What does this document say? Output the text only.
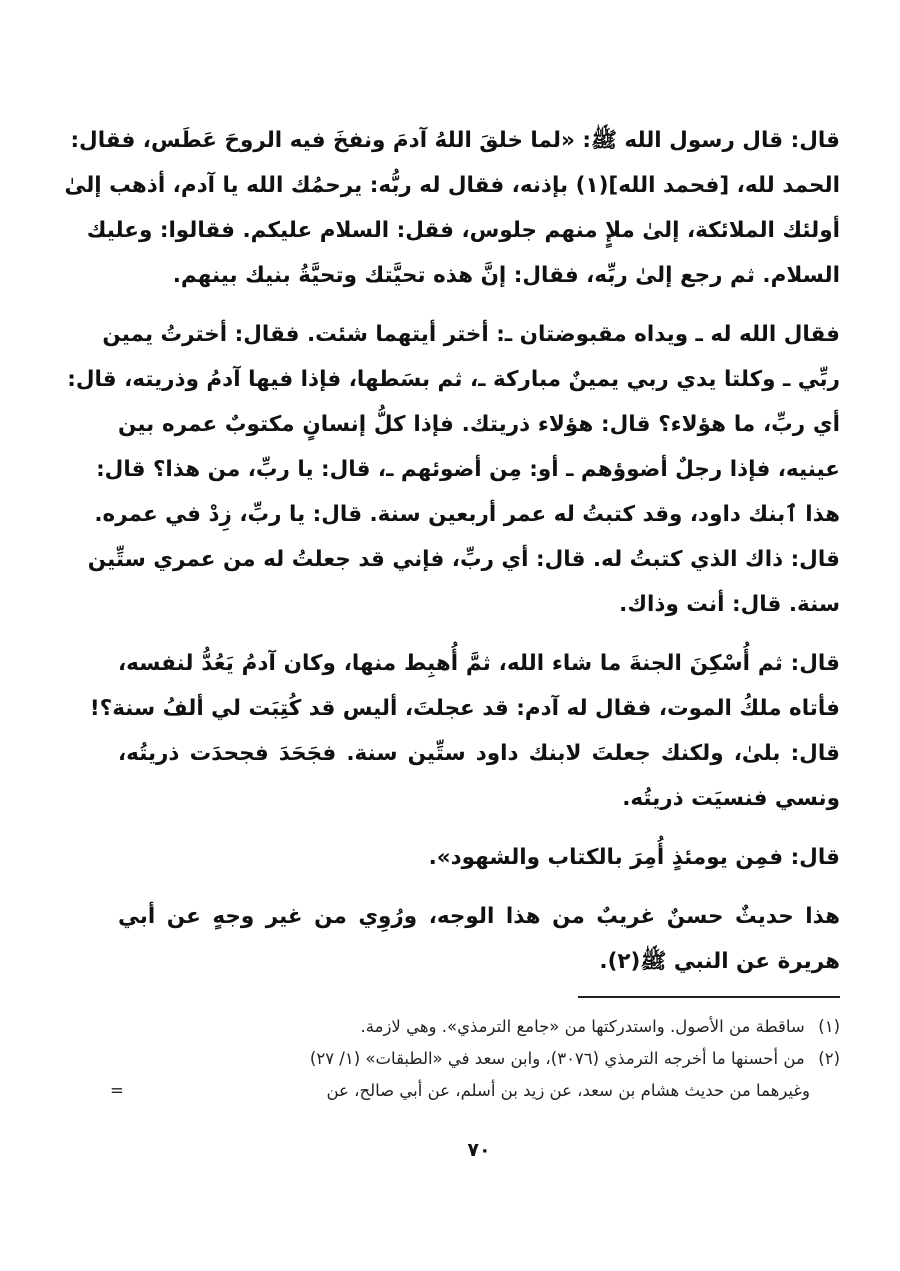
قال: قال رسول الله ﷺ: «لما خلقَ اللهُ آدمَ ونفخَ فيه الروحَ عَطَس، فقال:
الحمد لله، [فحمد الله](١) بإذنه، فقال له ربُّه: يرحمُك الله يا آدم، أذهب إلىٰ
أولئك الملائكة، إلىٰ ملإٍ منهم جلوس، فقل: السلام عليكم. فقالوا: وعليك
السلام. ثم رجع إلىٰ ربِّه، فقال: إنَّ هذه تحيَّتك وتحيَّةُ بنيك بينهم.
فقال الله له ـ ويداه مقبوضتان ـ: أختر أيتهما شئت. فقال: أخترتُ يمين
ربِّي ـ وكلتا يدي ربي يمينٌ مباركة ـ، ثم بسَطها، فإذا فيها آدمُ وذريته، قال:
أي ربِّ، ما هؤلاء؟ قال: هؤلاء ذريتك. فإذا كلُّ إنسانٍ مكتوبٌ عمره بين
عينيه، فإذا رجلٌ أضوؤهم ـ أو: مِن أضوئهم ـ، قال: يا ربِّ، من هذا؟ قال:
هذا ٱبنك داود، وقد كتبتُ له عمر أربعين سنة. قال: يا ربِّ، زِدْ في عمره.
قال: ذاك الذي كتبتُ له. قال: أي ربِّ، فإني قد جعلتُ له من عمري ستِّين
سنة. قال: أنت وذاك.
قال: ثم أُسْكِنَ الجنةَ ما شاء الله، ثمَّ أُهبِط منها، وكان آدمُ يَعُدُّ لنفسه،
فأتاه ملكُ الموت، فقال له آدم: قد عجلتَ، أليس قد كُتِبَت لي ألفُ سنة؟!
قال: بلىٰ، ولكنك جعلتَ لابنك داود ستِّين سنة. فجَحَدَ فجحدَت ذريتُه،
ونسي فنسيَت ذريتُه.
قال: فمِن يومئذٍ أُمِرَ بالكتاب والشهود».
هذا حديثٌ حسنٌ غريبٌ من هذا الوجه، ورُوِي من غير وجهٍ عن أبي
هريرة عن النبي ﷺ(٢).
(١) ساقطة من الأصول. واستدركتها من «جامع الترمذي». وهي لازمة.
(٢) من أحسنها ما أخرجه الترمذي (٣٠٧٦)، وابن سعد في «الطبقات» (١/ ٢٧)
وغيرهما من حديث هشام بن سعد، عن زيد بن أسلم، عن أبي صالح، عن
=
٧٠
